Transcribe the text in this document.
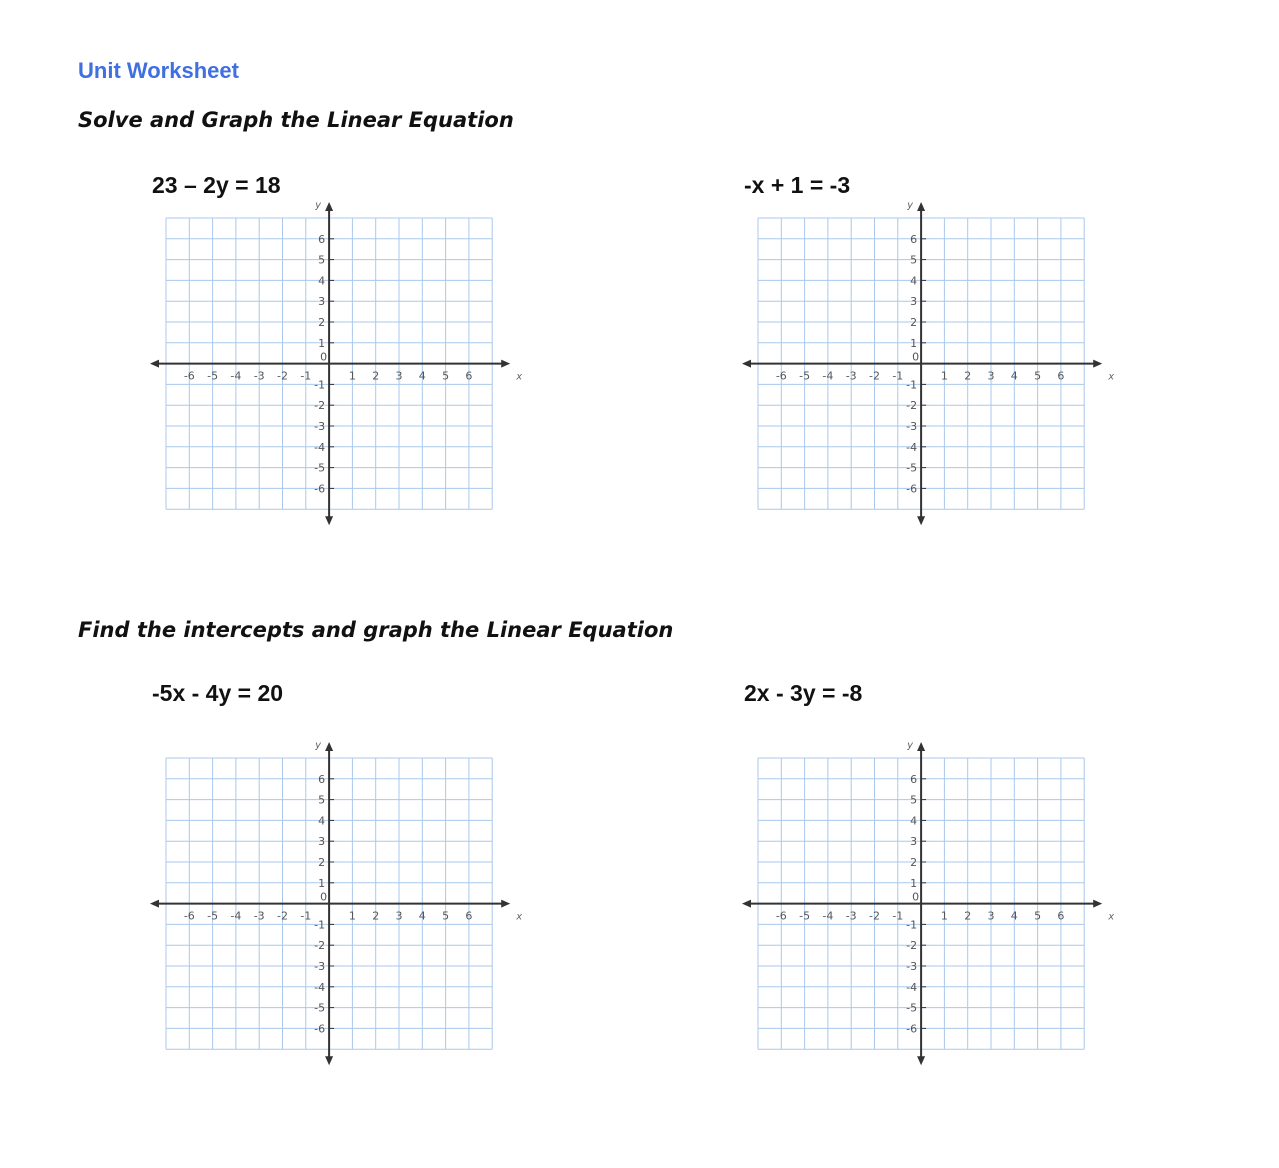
Unit Worksheet
Solve and Graph the Linear Equation

23 – 2y = 18

x
y
-6 -5 -4 -3 -2 -1	1 2 3 4 5 6
6
5
4
3
2
1
-1
-2
-3
-4
-5
-6
0

-x + 1 = -3

x
y
-6 -5 -4 -3 -2 -1	1 2 3 4 5 6
6
5
4
3
2
1
-1
-2
-3
-4
-5
-6
0
Find the intercepts and graph the Linear Equation

-5x - 4y = 20

x
y
-6 -5 -4 -3 -2 -1	1 2 3 4 5 6
6
5
4
3
2
1
-1
-2
-3
-4
-5
-6
0

2x - 3y = -8

x
y
-6 -5 -4 -3 -2 -1	1 2 3 4 5 6
6
5
4
3
2
1
-1
-2
-3
-4
-5
-6
0
